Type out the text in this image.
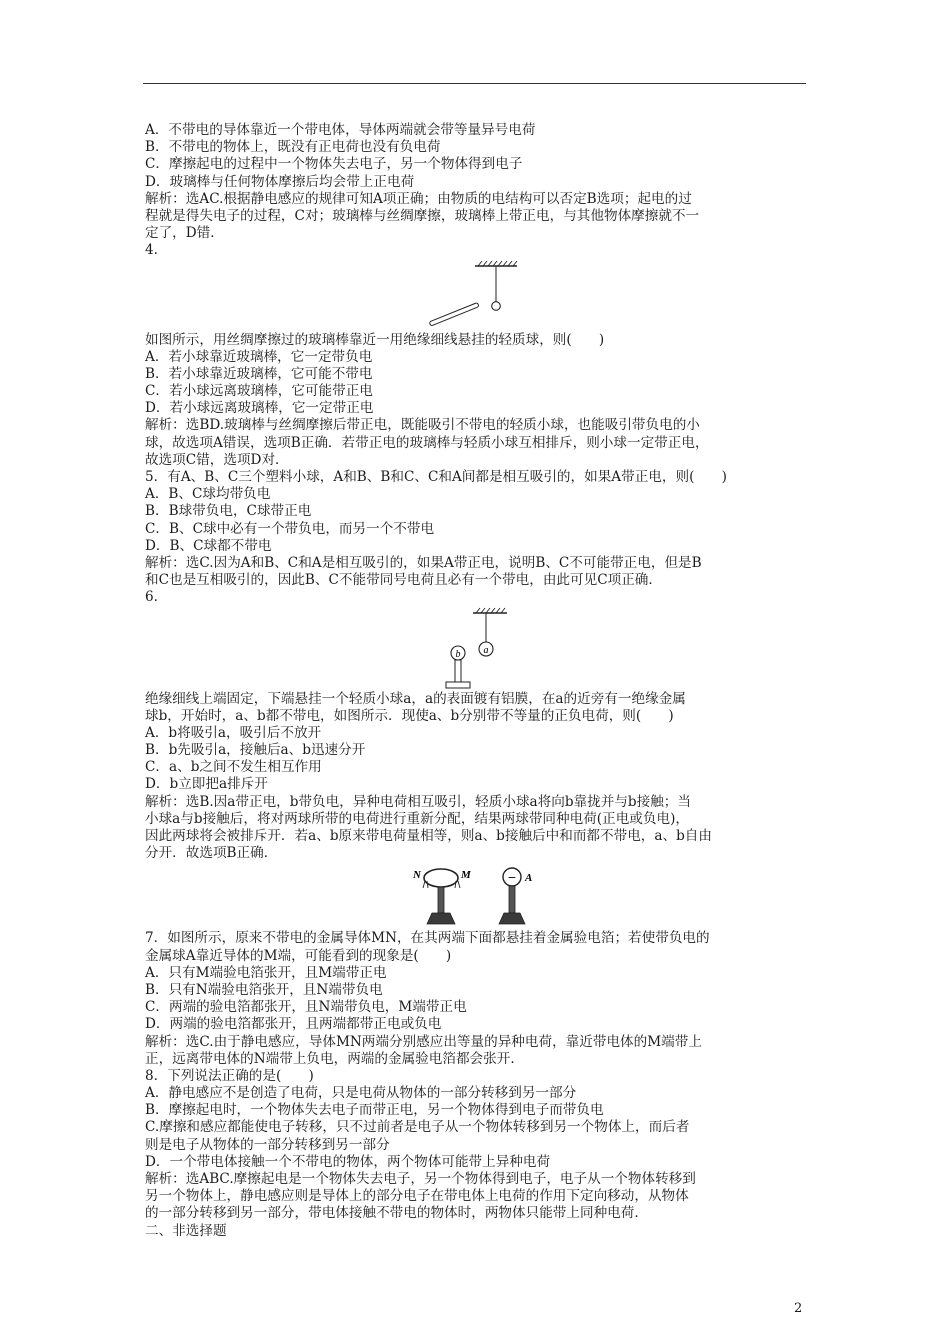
A．不带电的导体靠近一个带电体，导体两端就会带等量异号电荷
B．不带电的物体上，既没有正电荷也没有负电荷
C．摩擦起电的过程中一个物体失去电子，另一个物体得到电子
D．玻璃棒与任何物体摩擦后均会带上正电荷
解析：选AC.根据静电感应的规律可知A项正确；由物质的电结构可以否定B选项；起电的过
程就是得失电子的过程，C对；玻璃棒与丝绸摩擦，玻璃棒上带正电，与其他物体摩擦就不一
定了，D错．
4.
如图所示，用丝绸摩擦过的玻璃棒靠近一用绝缘细线悬挂的轻质球，则(　　)
A．若小球靠近玻璃棒，它一定带负电
B．若小球靠近玻璃棒，它可能不带电
C．若小球远离玻璃棒，它可能带正电
D．若小球远离玻璃棒，它一定带正电
解析：选BD.玻璃棒与丝绸摩擦后带正电，既能吸引不带电的轻质小球，也能吸引带负电的小
球，故选项A错误，选项B正确．若带正电的玻璃棒与轻质小球互相排斥，则小球一定带正电，
故选项C错，选项D对．
5．有A、B、C三个塑料小球，A和B、B和C、C和A间都是相互吸引的，如果A带正电，则(　　)
A．B、C球均带负电
B．B球带负电，C球带正电
C．B、C球中必有一个带负电，而另一个不带电
D．B、C球都不带电
解析：选C.因为A和B、C和A是相互吸引的，如果A带正电，说明B、C不可能带正电，但是B
和C也是互相吸引的，因此B、C不能带同号电荷且必有一个带电，由此可见C项正确．
6.
a
b
绝缘细线上端固定，下端悬挂一个轻质小球a，a的表面镀有铝膜，在a的近旁有一绝缘金属
球b，开始时，a、b都不带电，如图所示．现使a、b分别带不等量的正负电荷，则(　　)
A．b将吸引a，吸引后不放开
B．b先吸引a，接触后a、b迅速分开
C．a、b之间不发生相互作用
D．b立即把a排斥开
解析：选B.因a带正电，b带负电，异种电荷相互吸引，轻质小球a将向b靠拢并与b接触；当
小球a与b接触后，将对两球所带的电荷进行重新分配，结果两球带同种电荷(正电或负电)，
因此两球将会被排斥开．若a、b原来带电荷量相等，则a、b接触后中和而都不带电，a、b自由
分开．故选项B正确．
N	M	− A
7．如图所示，原来不带电的金属导体MN，在其两端下面都悬挂着金属验电箔；若使带负电的
金属球A靠近导体的M端，可能看到的现象是(　　)
A．只有M端验电箔张开，且M端带正电
B．只有N端验电箔张开，且N端带负电
C．两端的验电箔都张开，且N端带负电，M端带正电
D．两端的验电箔都张开，且两端都带正电或负电
解析：选C.由于静电感应，导体MN两端分别感应出等量的异种电荷，靠近带电体的M端带上
正，远离带电体的N端带上负电，两端的金属验电箔都会张开.
8．下列说法正确的是(　　)
A．静电感应不是创造了电荷，只是电荷从物体的一部分转移到另一部分
B．摩擦起电时，一个物体失去电子而带正电，另一个物体得到电子而带负电
C.摩擦和感应都能使电子转移，只不过前者是电子从一个物体转移到另一个物体上，而后者
则是电子从物体的一部分转移到另一部分
D．一个带电体接触一个不带电的物体，两个物体可能带上异种电荷
解析：选ABC.摩擦起电是一个物体失去电子，另一个物体得到电子，电子从一个物体转移到
另一个物体上，静电感应则是导体上的部分电子在带电体上电荷的作用下定向移动，从物体
的一部分转移到另一部分，带电体接触不带电的物体时，两物体只能带上同种电荷．
二、非选择题
2
